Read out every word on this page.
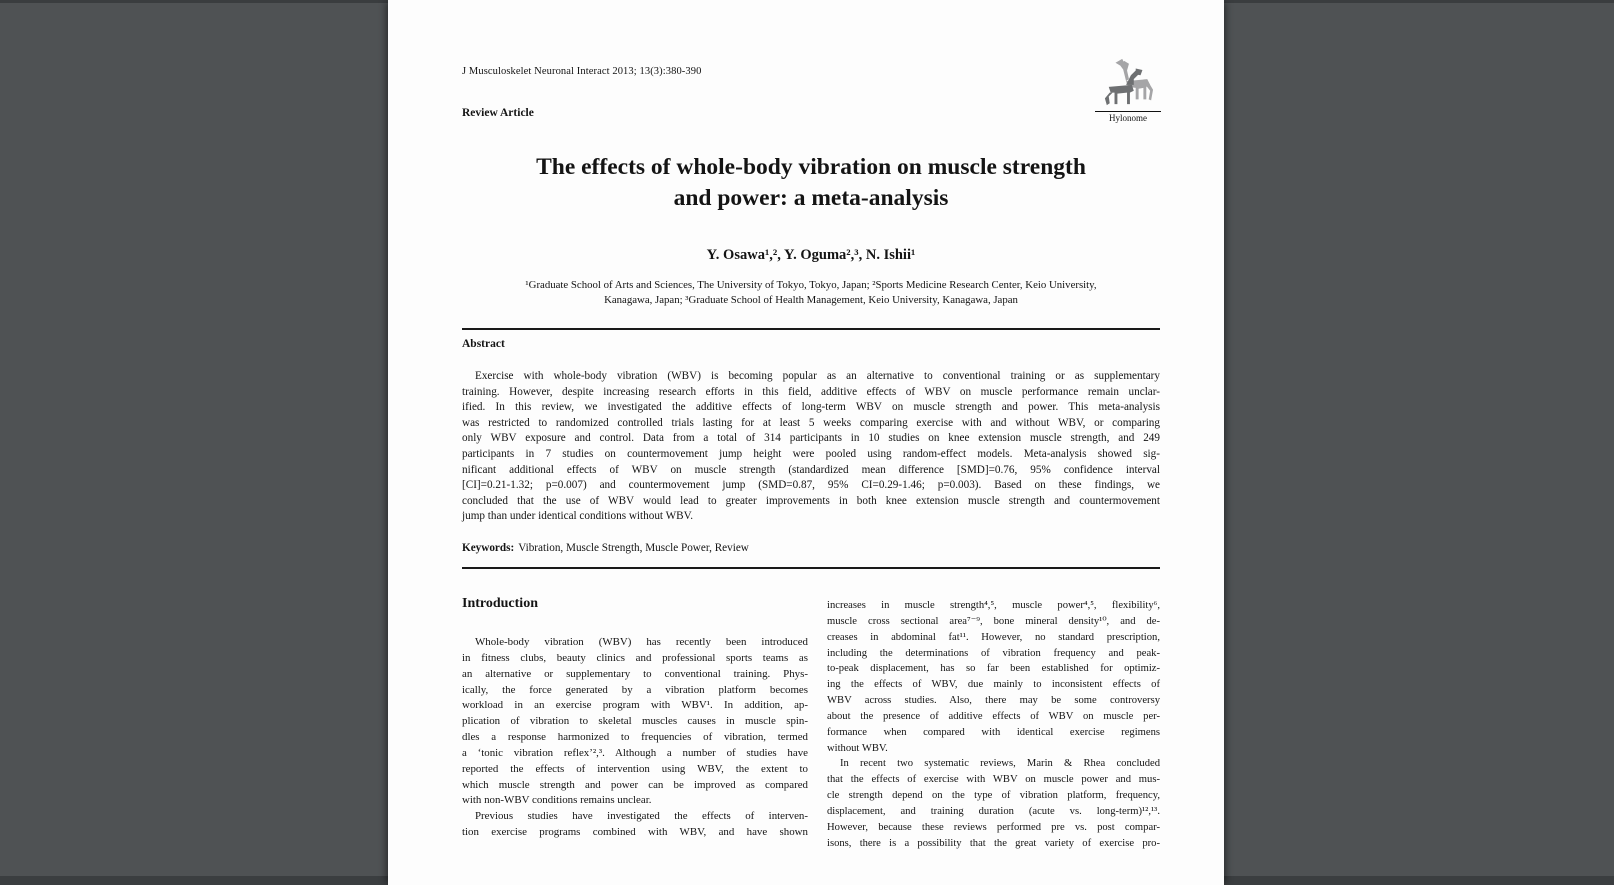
J Musculoskelet Neuronal Interact 2013; 13(3):380-390
Hylonome
Review Article
The effects of whole-body vibration on muscle strength
and power: a meta-analysis
Y. Osawa¹,², Y. Oguma²,³, N. Ishii¹
¹Graduate School of Arts and Sciences, The University of Tokyo, Tokyo, Japan; ²Sports Medicine Research Center, Keio University,
Kanagawa, Japan; ³Graduate School of Health Management, Keio University, Kanagawa, Japan
Abstract
Exercise with whole-body vibration (WBV) is becoming popular as an alternative to conventional training or as supplementary
training. However, despite increasing research efforts in this field, additive effects of WBV on muscle performance remain unclar-
ified. In this review, we investigated the additive effects of long-term WBV on muscle strength and power. This meta-analysis
was restricted to randomized controlled trials lasting for at least 5 weeks comparing exercise with and without WBV, or comparing
only WBV exposure and control. Data from a total of 314 participants in 10 studies on knee extension muscle strength, and 249
participants in 7 studies on countermovement jump height were pooled using random-effect models. Meta-analysis showed sig-
nificant additional effects of WBV on muscle strength (standardized mean difference [SMD]=0.76, 95% confidence interval
[CI]=0.21-1.32; p=0.007) and countermovement jump (SMD=0.87, 95% CI=0.29-1.46; p=0.003). Based on these findings, we
concluded that the use of WBV would lead to greater improvements in both knee extension muscle strength and countermovement
jump than under identical conditions without WBV.
Keywords: Vibration, Muscle Strength, Muscle Power, Review
Introduction
Whole-body vibration (WBV) has recently been introduced
in fitness clubs, beauty clinics and professional sports teams as
an alternative or supplementary to conventional training. Phys-
ically, the force generated by a vibration platform becomes
workload in an exercise program with WBV¹. In addition, ap-
plication of vibration to skeletal muscles causes in muscle spin-
dles a response harmonized to frequencies of vibration, termed
a ‘tonic vibration reflex’²,³. Although a number of studies have
reported the effects of intervention using WBV, the extent to
which muscle strength and power can be improved as compared
with non-WBV conditions remains unclear.
Previous studies have investigated the effects of interven-
tion exercise programs combined with WBV, and have shown
increases in muscle strength⁴,⁵, muscle power⁴,⁵, flexibility⁶,
muscle cross sectional area⁷⁻⁹, bone mineral density¹⁰, and de-
creases in abdominal fat¹¹. However, no standard prescription,
including the determinations of vibration frequency and peak-
to-peak displacement, has so far been established for optimiz-
ing the effects of WBV, due mainly to inconsistent effects of
WBV across studies. Also, there may be some controversy
about the presence of additive effects of WBV on muscle per-
formance when compared with identical exercise regimens
without WBV.
In recent two systematic reviews, Marin & Rhea concluded
that the effects of exercise with WBV on muscle power and mus-
cle strength depend on the type of vibration platform, frequency,
displacement, and training duration (acute vs. long-term)¹²,¹³.
However, because these reviews performed pre vs. post compar-
isons, there is a possibility that the great variety of exercise pro-
